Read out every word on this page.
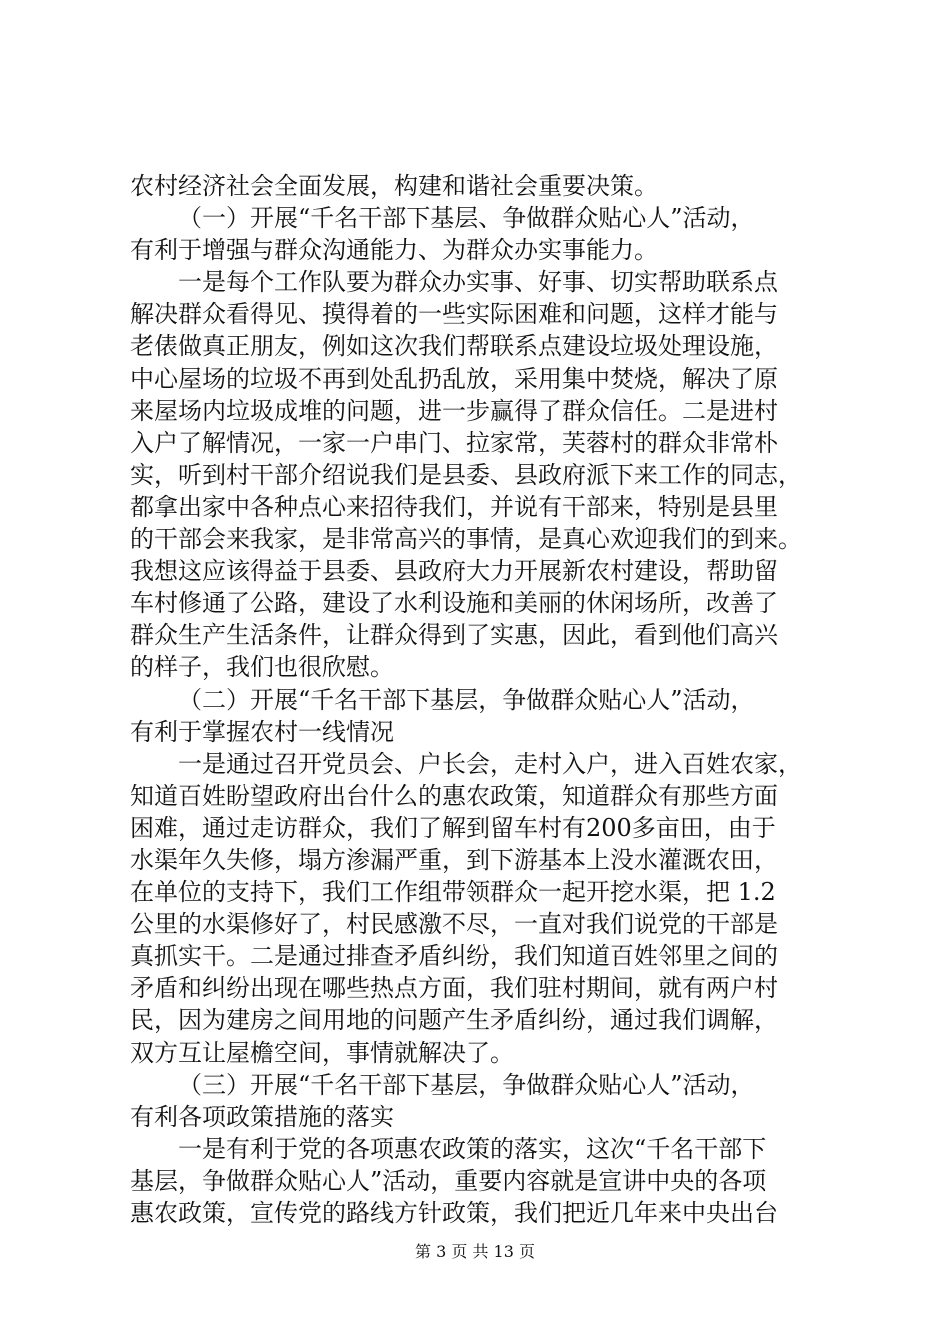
农村经济社会全面发展，构建和谐社会重要决策。
（一）开展“千名干部下基层、争做群众贴心人”活动，
有利于增强与群众沟通能力、为群众办实事能力。
一是每个工作队要为群众办实事、好事、切实帮助联系点
解决群众看得见、摸得着的一些实际困难和问题，这样才能与
老俵做真正朋友，例如这次我们帮联系点建设垃圾处理设施，
中心屋场的垃圾不再到处乱扔乱放，采用集中焚烧，解决了原
来屋场内垃圾成堆的问题，进一步赢得了群众信任。二是进村
入户了解情况，一家一户串门、拉家常，芙蓉村的群众非常朴
实，听到村干部介绍说我们是县委、县政府派下来工作的同志，
都拿出家中各种点心来招待我们，并说有干部来，特别是县里
的干部会来我家，是非常高兴的事情，是真心欢迎我们的到来。
我想这应该得益于县委、县政府大力开展新农村建设，帮助留
车村修通了公路，建设了水利设施和美丽的休闲场所，改善了
群众生产生活条件，让群众得到了实惠，因此，看到他们高兴
的样子，我们也很欣慰。
（二）开展“千名干部下基层，争做群众贴心人”活动，
有利于掌握农村一线情况
一是通过召开党员会、户长会，走村入户，进入百姓农家，
知道百姓盼望政府出台什么的惠农政策，知道群众有那些方面
困难，通过走访群众，我们了解到留车村有200多亩田，由于
水渠年久失修，塌方渗漏严重，到下游基本上没水灌溉农田，
在单位的支持下，我们工作组带领群众一起开挖水渠，把 1.2
公里的水渠修好了，村民感激不尽，一直对我们说党的干部是
真抓实干。二是通过排查矛盾纠纷，我们知道百姓邻里之间的
矛盾和纠纷出现在哪些热点方面，我们驻村期间，就有两户村
民，因为建房之间用地的问题产生矛盾纠纷，通过我们调解，
双方互让屋檐空间，事情就解决了。
（三）开展“千名干部下基层，争做群众贴心人”活动，
有利各项政策措施的落实
一是有利于党的各项惠农政策的落实，这次“千名干部下
基层，争做群众贴心人”活动，重要内容就是宣讲中央的各项
惠农政策，宣传党的路线方针政策，我们把近几年来中央出台
第 3 页 共 13 页
